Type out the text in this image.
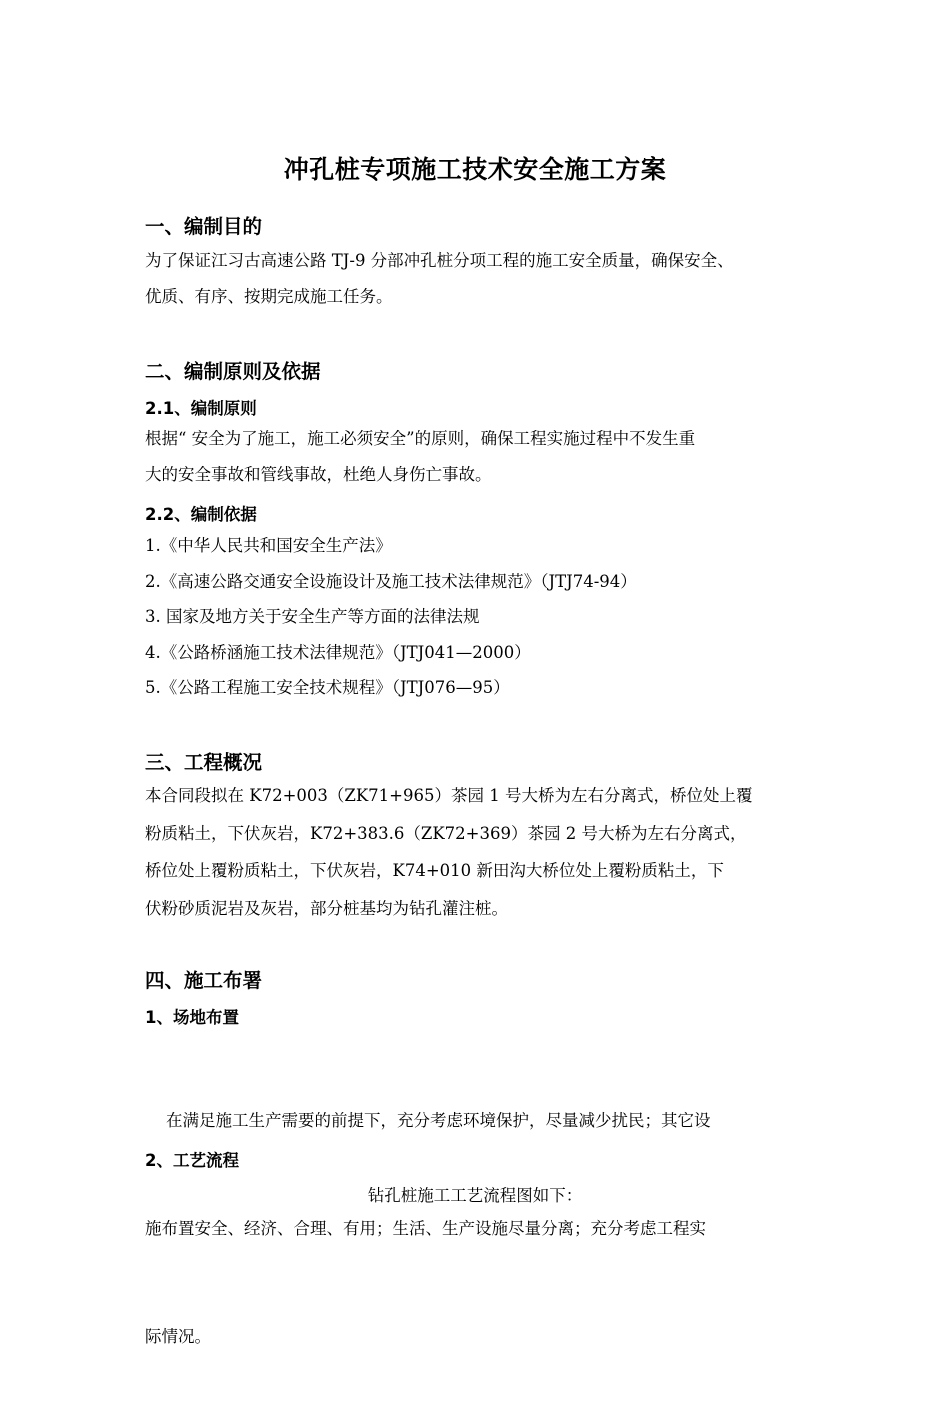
冲孔桩专项施工技术安全施工方案
一、编制目的
为了保证江习古高速公路 TJ-9 分部冲孔桩分项工程的施工安全质量，确保安全、
优质、有序、按期完成施工任务。
二、编制原则及依据
2.1、编制原则
根据“ 安全为了施工，施工必须安全”的原则，确保工程实施过程中不发生重
大的安全事故和管线事故，杜绝人身伤亡事故。
2.2、编制依据
1.《中华人民共和国安全生产法》
2.《高速公路交通安全设施设计及施工技术法律规范》（JTJ74-94）
3. 国家及地方关于安全生产等方面的法律法规
4.《公路桥涵施工技术法律规范》（JTJ041—2000）
5.《公路工程施工安全技术规程》（JTJ076—95）
三、工程概况
本合同段拟在 K72+003（ZK71+965）茶园 1 号大桥为左右分离式，桥位处上覆
粉质粘土，下伏灰岩，K72+383.6（ZK72+369）茶园 2 号大桥为左右分离式，
桥位处上覆粉质粘土，下伏灰岩，K74+010 新田沟大桥位处上覆粉质粘土，下
伏粉砂质泥岩及灰岩，部分桩基均为钻孔灌注桩。
四、施工布署
1、场地布置

在满足施工生产需要的前提下，充分考虑环境保护，尽量减少扰民；其它设

施布置安全、经济、合理、有用；生活、生产设施尽量分离；充分考虑工程实

际情况。

2、工艺流程
钻孔桩施工工艺流程图如下：
